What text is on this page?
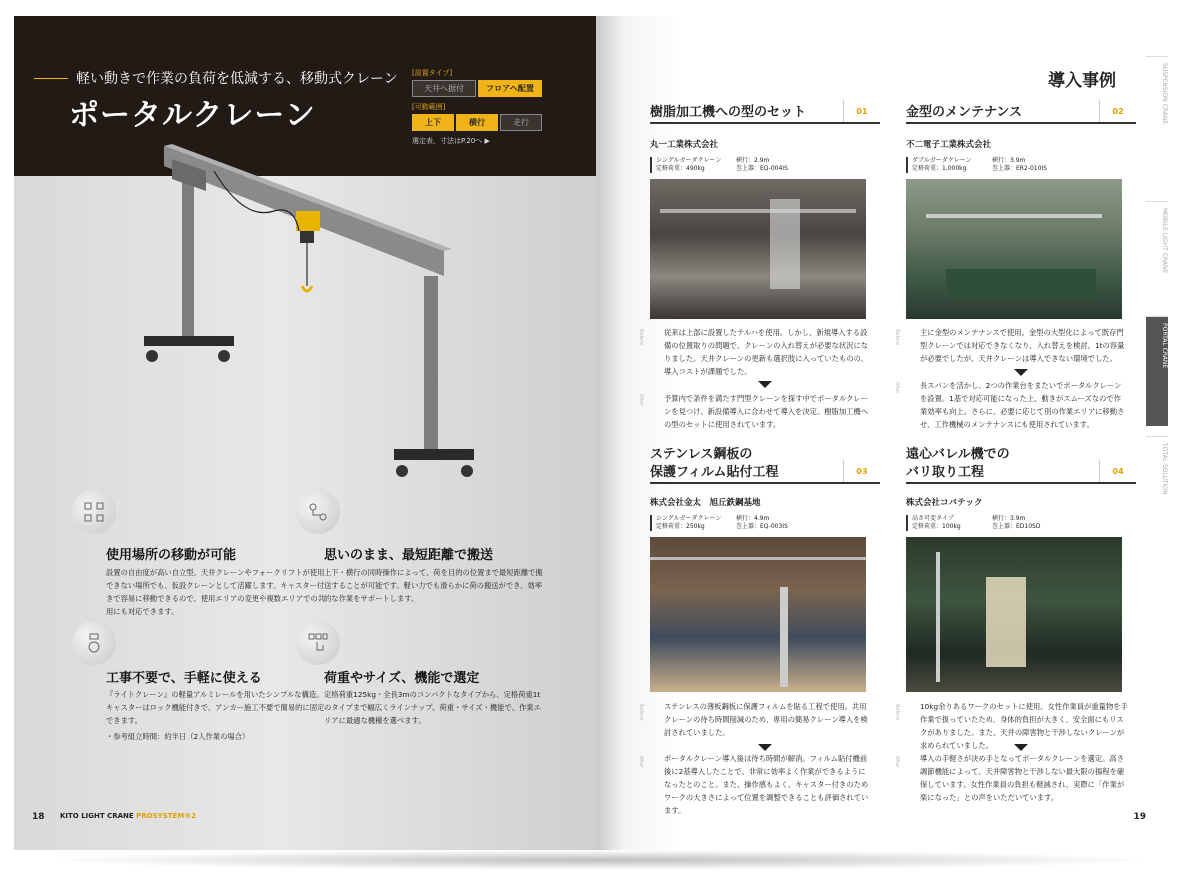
軽い動きで作業の負荷を低減する、移動式クレーン
ポータルクレーン
[設置タイプ]
天井へ据付	フロアへ配置
[可動範囲]
上下	横行	走行
選定表、寸法はP.20へ ▶
使用場所の移動が可能
設置の自由度が高い自立型。天井クレーンやフォークリフトが使用できない場所でも、仮設クレーンとして活躍します。キャスター付きで容易に移動できるので、使用エリアの変更や複数エリアでの共用にも対応できます。
思いのまま、最短距離で搬送
上下・横行の同時操作によって、荷を目的の位置まで最短距離で搬送することが可能です。軽い力でも滑らかに荷の搬送ができ、効率的な作業をサポートします。
工事不要で、手軽に使える
『ライトクレーン』の軽量アルミレールを用いたシンプルな構造。キャスターはロック機能付きで、アンカー施工不要で簡易的に固定できます。
・参考組立時間：約半日（2人作業の場合）
荷重やサイズ、機能で選定
定格荷重125kg・全長3mのコンパクトなタイプから、定格荷重1tのタイプまで幅広くラインナップ。荷重・サイズ・機能で、作業エリアに最適な機種を選べます。
18 KITO LIGHT CRANE PROSYSTEM®2
導入事例	SUSPENSION CRANE
MOBILE LIGHT CRANE
PORTAL CRANE
TOTAL SOLUTION
樹脂加工機への型のセット	01
丸一工業株式会社
シングルガーダクレーン	横行：2.9m
定格荷重：490kg	巻上器：EQ-004IS
Before	従来は上部に設置したテルハを使用。しかし、新規導入する設備の位置取りの問題で、クレーンの入れ替えが必要な状況になりました。天井クレーンの更新も選択肢に入っていたものの、導入コストが課題でした。
After	予算内で条件を満たす門型クレーンを探す中でポータルクレーンを見つけ、新設備導入に合わせて導入を決定。樹脂加工機への型のセットに使用されています。
金型のメンテナンス	02
不二電子工業株式会社
ダブルガーダクレーン	横行：3.9m
定格荷重：1,000kg	巻上器：ER2-010IS
Before	主に金型のメンテナンスで使用。金型の大型化によって既存門型クレーンでは対応できなくなり、入れ替えを検討。1tの容量が必要でしたが、天井クレーンは導入できない環境でした。
After	長スパンを活かし、2つの作業台をまたいでポータルクレーンを設置。1基で対応可能になった上、動きがスムーズなので作業効率も向上。さらに、必要に応じて別の作業エリアに移動させ、工作機械のメンテナンスにも使用されています。
ステンレス鋼板の
保護フィルム貼付工程	03
株式会社金太　旭丘鉄鋼基地
シングルガーダクレーン	横行：4.9m
定格荷重：250kg	巻上器：EQ-003IS
Before	ステンレスの薄板鋼板に保護フィルムを貼る工程で使用。共用クレーンの待ち時間削減のため、専用の簡易クレーン導入を検討されていました。
After	ポータルクレーン導入後は待ち時間が解消。フィルム貼付機前後に2基導入したことで、非常に効率よく作業ができるようになったとのこと。また、操作感もよく、キャスター付きのためワークの大きさによって位置を調整できることも評価されています。
遠心バレル機での
バリ取り工程	04
株式会社コバテック
高さ可変タイプ	横行：3.9m
定格荷重：100kg	巻上器：ED10SD
Before	10kg余りあるワークのセットに使用。女性作業員が重量物を手作業で扱っていたため、身体的負担が大きく、安全面にもリスクがありました。また、天井の障害物と干渉しないクレーンが求められていました。
After	導入の手軽さが決め手となってポータルクレーンを選定。高さ調節機能によって、天井障害物と干渉しない最大限の揚程を確保しています。女性作業員の負担も軽減され、実際に「作業が楽になった」との声をいただいています。
19
